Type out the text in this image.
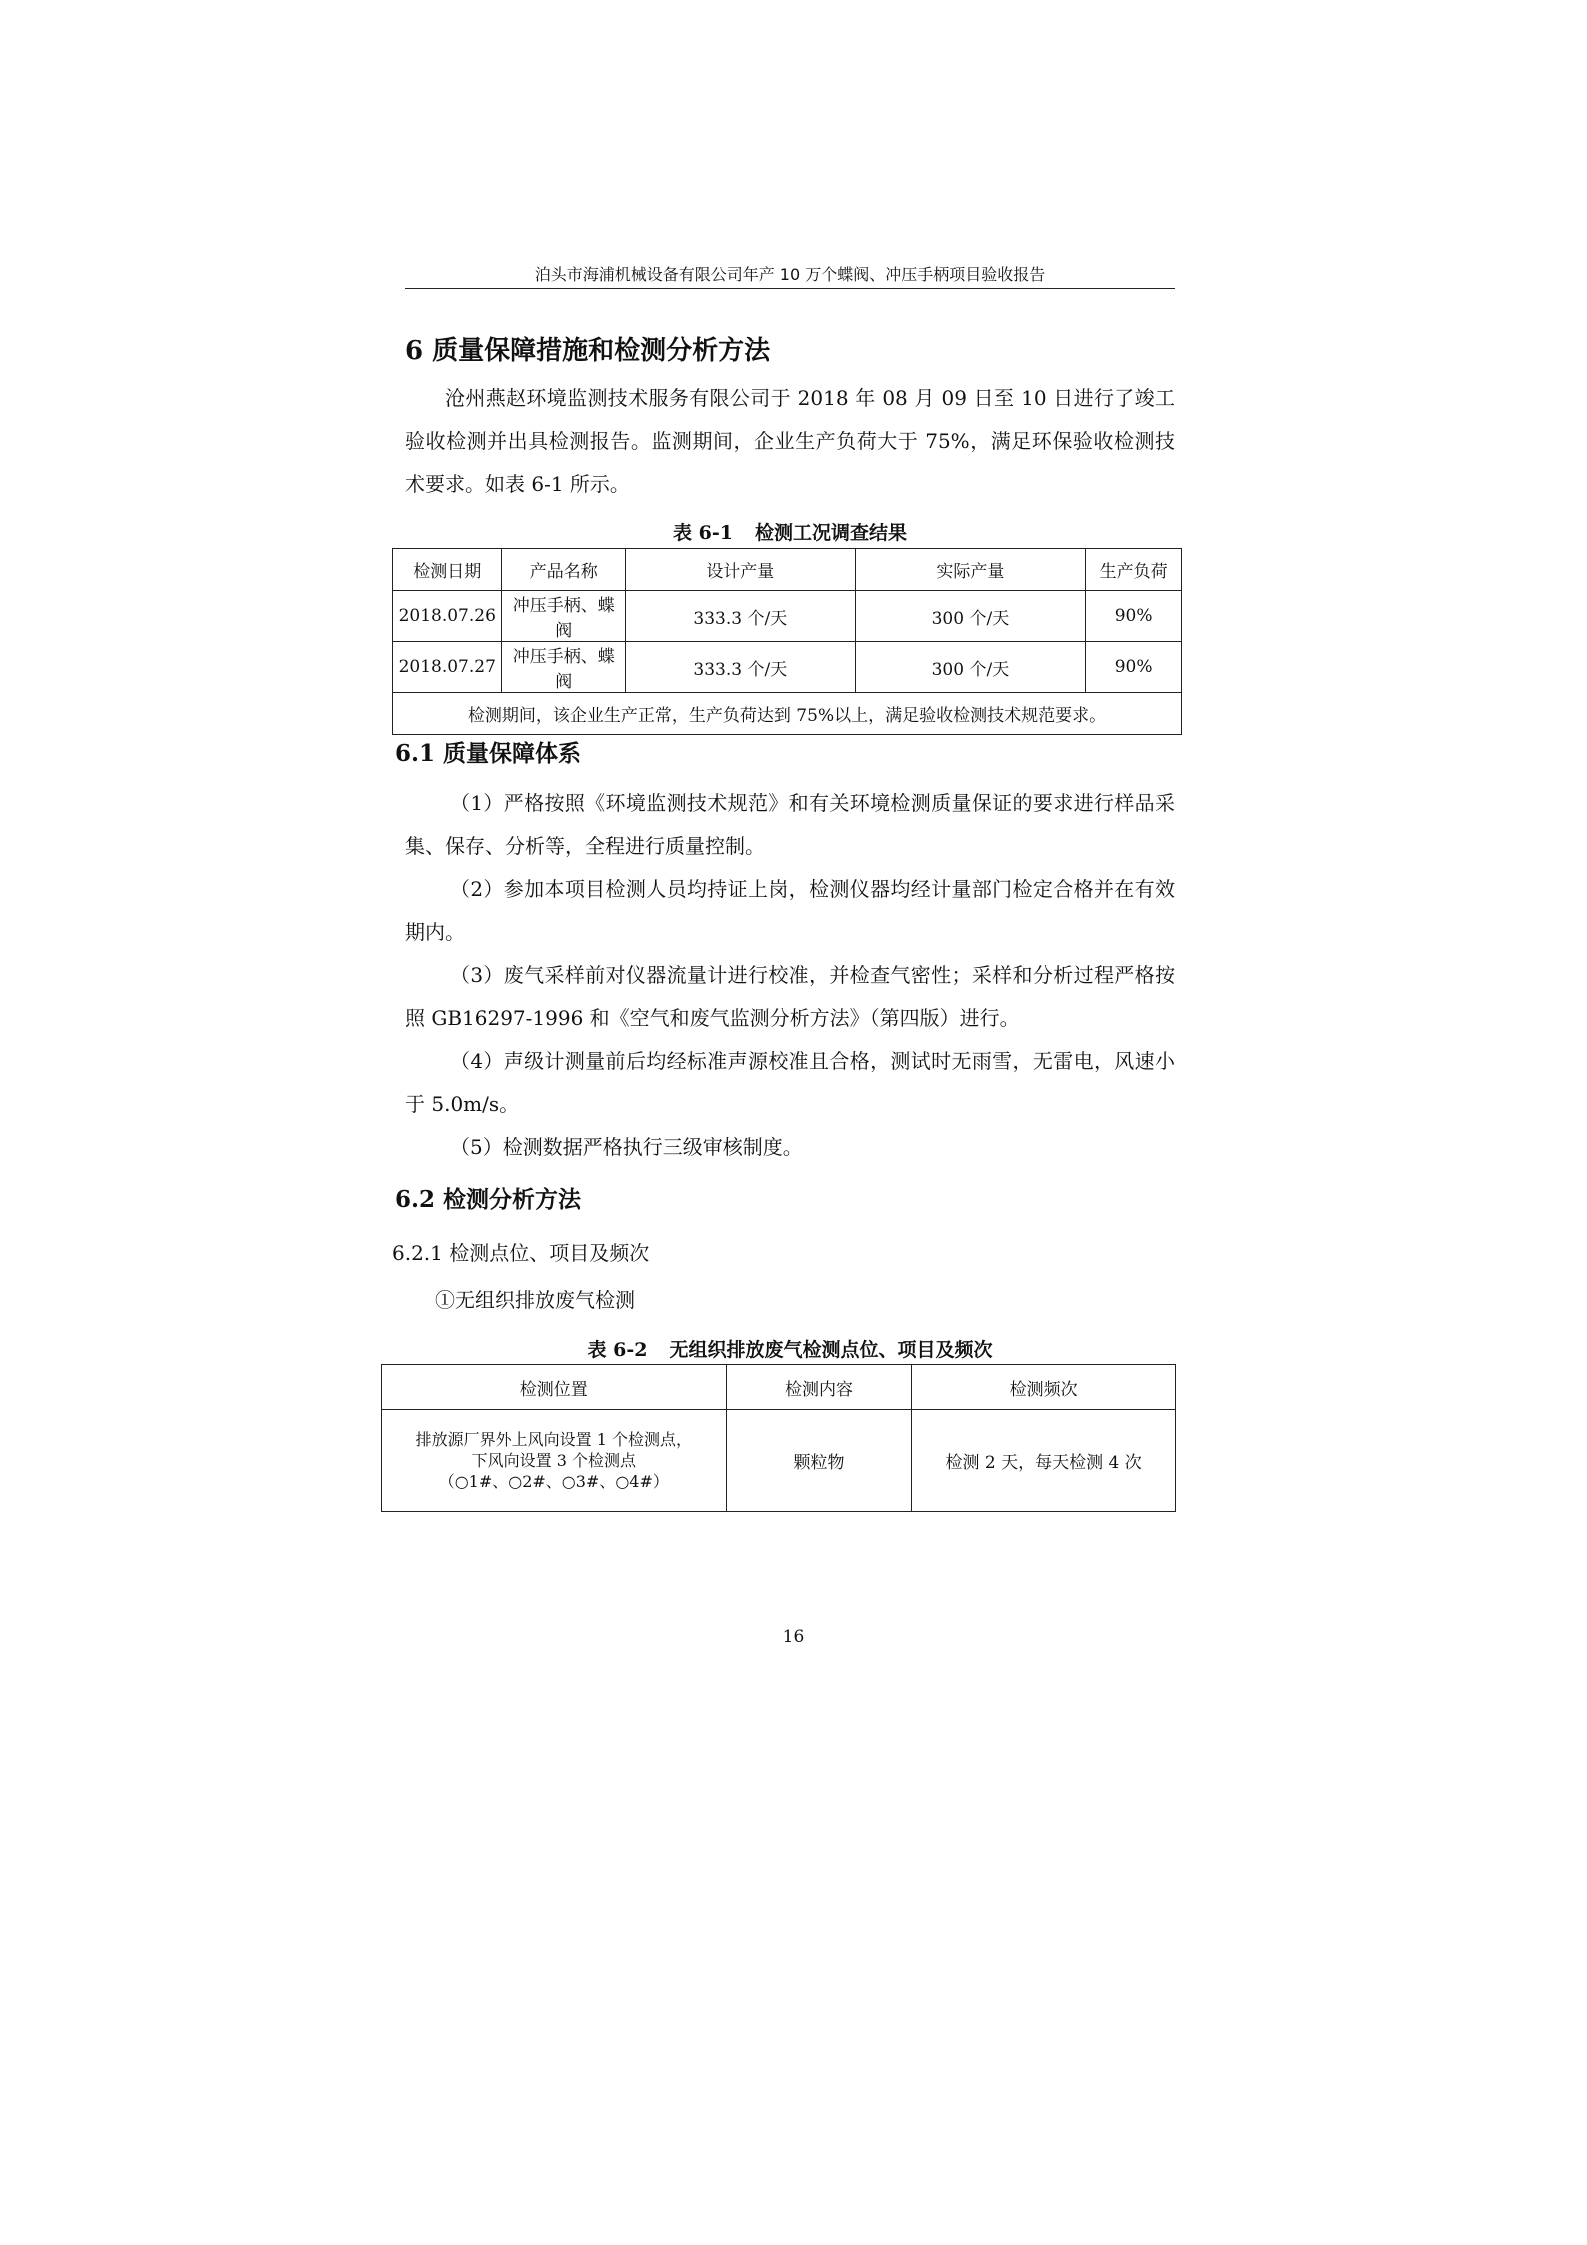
泊头市海浦机械设备有限公司年产 10 万个蝶阀、冲压手柄项目验收报告
6 质量保障措施和检测分析方法

沧州燕赵环境监测技术服务有限公司于 2018 年 08 月 09 日至 10 日进行了竣工验收检测并出具检测报告。监测期间，企业生产负荷大于 75%，满足环保验收检测技术要求。如表 6-1 所示。

表 6-1 检测工况调查结果
检测日期	产品名称	设计产量	实际产量	生产负荷
2018.07.26	冲压手柄、蝶阀	333.3 个/天	300 个/天	90%
2018.07.27	冲压手柄、蝶阀	333.3 个/天	300 个/天	90%
检测期间，该企业生产正常，生产负荷达到 75%以上，满足验收检测技术规范要求。				
6.1 质量保障体系

（1）严格按照《环境监测技术规范》和有关环境检测质量保证的要求进行样品采集、保存、分析等，全程进行质量控制。

（2）参加本项目检测人员均持证上岗，检测仪器均经计量部门检定合格并在有效期内。

（3）废气采样前对仪器流量计进行校准，并检查气密性；采样和分析过程严格按照 GB16297-1996 和《空气和废气监测分析方法》（第四版）进行。

（4）声级计测量前后均经标准声源校准且合格，测试时无雨雪，无雷电，风速小于 5.0m/s。

（5）检测数据严格执行三级审核制度。

6.2 检测分析方法
6.2.1 检测点位、项目及频次
①无组织排放废气检测
表 6-2 无组织排放废气检测点位、项目及频次
检测位置	检测内容	检测频次

排放源厂界外上风向设置 1 个检测点，
下风向设置 3 个检测点
（○1#、○2#、○3#、○4#）	颗粒物	检测 2 天，每天检测 4 次
16
